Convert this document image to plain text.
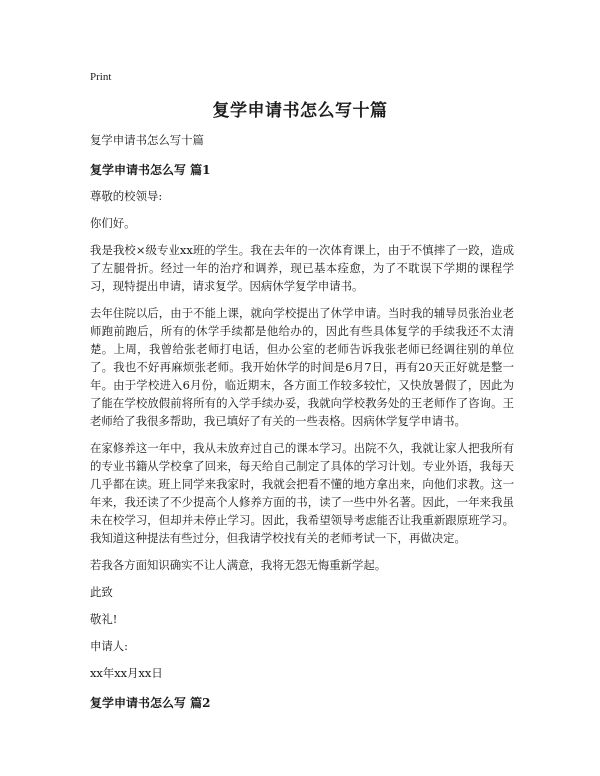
Print
复学申请书怎么写十篇

复学申请书怎么写十篇

复学申请书怎么写 篇1

尊敬的校领导:

你们好。

我是我校×级专业xx班的学生。我在去年的一次体育课上，由于不慎摔了一跤，造成了左腿骨折。经过一年的治疗和调养，现已基本痊愈，为了不耽误下学期的课程学习，现特提出申请，请求复学。因病休学复学申请书。

去年住院以后，由于不能上课，就向学校提出了休学申请。当时我的辅导员张治业老师跑前跑后，所有的休学手续都是他给办的，因此有些具体复学的手续我还不太清楚。上周，我曾给张老师打电话，但办公室的老师告诉我张老师已经调往别的单位了。我也不好再麻烦张老师。我开始休学的时间是6月7日，再有20天正好就是整一年。由于学校进入6月份，临近期末，各方面工作较多较忙，又快放暑假了，因此为了能在学校放假前将所有的入学手续办妥，我就向学校教务处的王老师作了咨询。王老师给了我很多帮助，我已填好了有关的一些表格。因病休学复学申请书。

在家修养这一年中，我从未放弃过自己的课本学习。出院不久，我就让家人把我所有的专业书籍从学校拿了回来，每天给自己制定了具体的学习计划。专业外语，我每天几乎都在读。班上同学来我家时，我就会把看不懂的地方拿出来，向他们求教。这一年来，我还读了不少提高个人修养方面的书，读了一些中外名著。因此，一年来我虽未在校学习，但却并未停止学习。因此，我希望领导考虑能否让我重新跟原班学习。我知道这种提法有些过分，但我请学校找有关的老师考试一下，再做决定。

若我各方面知识确实不让人满意，我将无怨无悔重新学起。

此致

敬礼!

申请人:

xx年xx月xx日

复学申请书怎么写 篇2
